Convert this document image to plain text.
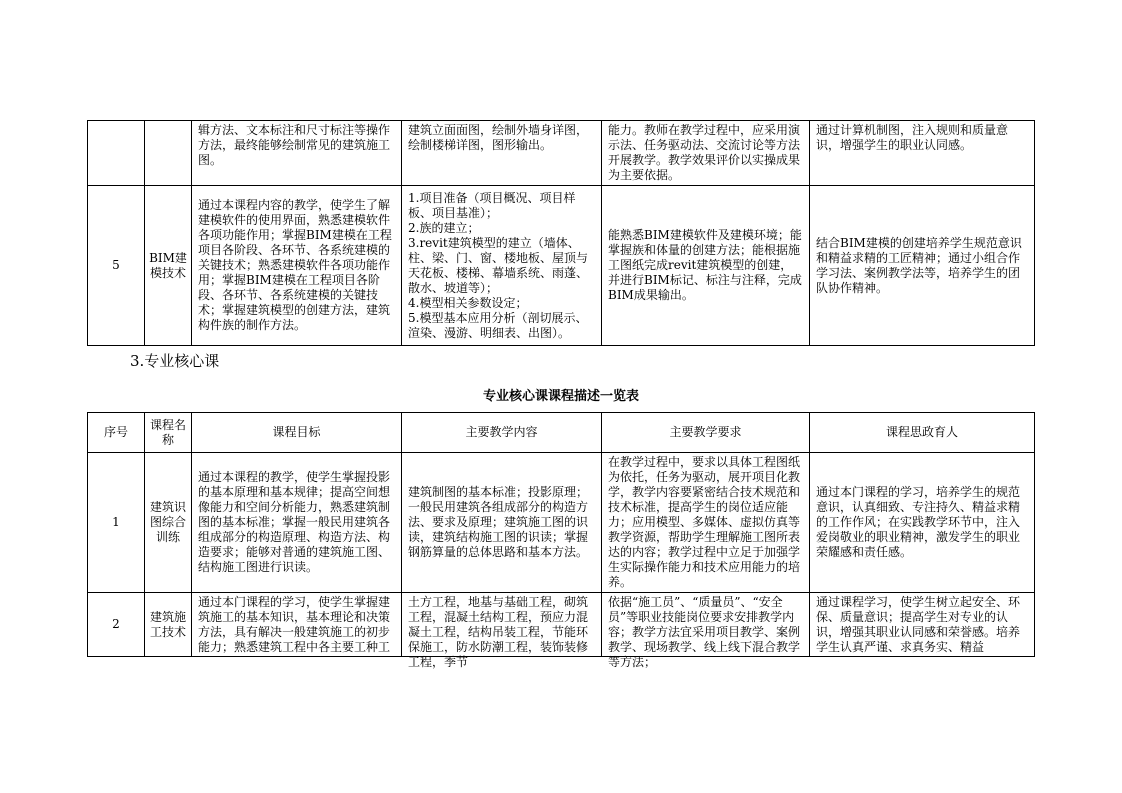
		辑方法、文本标注和尺寸标注等操作方法，最终能够绘制常见的建筑施工图。	建筑立面面图，绘制外墙身详图，绘制楼梯详图，图形输出。	能力。教师在教学过程中，应采用演示法、任务驱动法、交流讨论等方法开展教学。教学效果评价以实操成果为主要依据。	通过计算机制图，注入规则和质量意识，增强学生的职业认同感。
5	BIM建模技术	通过本课程内容的教学，使学生了解建模软件的使用界面，熟悉建模软件各项功能作用；掌握BIM建模在工程项目各阶段、各环节、各系统建模的关键技术；熟悉建模软件各项功能作用；掌握BIM建模在工程项目各阶段、各环节、各系统建模的关键技术；掌握建筑模型的创建方法，建筑构件族的制作方法。	1.项目准备（项目概况、项目样板、项目基准）；
2.族的建立；
3.revit建筑模型的建立（墙体、柱、梁、门、窗、楼地板、屋顶与天花板、楼梯、幕墙系统、雨蓬、散水、坡道等）；
4.模型相关参数设定；
5.模型基本应用分析（剖切展示、渲染、漫游、明细表、出图）。	能熟悉BIM建模软件及建模环境；能掌握族和体量的创建方法；能根据施工图纸完成revit建筑模型的创建，并进行BIM标记、标注与注释，完成BIM成果输出。	结合BIM建模的创建培养学生规范意识和精益求精的工匠精神；通过小组合作学习法、案例教学法等，培养学生的团队协作精神。
3.专业核心课
专业核心课课程描述一览表
序号	课程名称	课程目标	主要教学内容	主要教学要求	课程思政育人
1	建筑识图综合训练	通过本课程的教学，使学生掌握投影的基本原理和基本规律；提高空间想像能力和空间分析能力，熟悉建筑制图的基本标准；掌握一般民用建筑各组成部分的构造原理、构造方法、构造要求；能够对普通的建筑施工图、结构施工图进行识读。	建筑制图的基本标准；投影原理；一般民用建筑各组成部分的构造方法、要求及原理；建筑施工图的识读，建筑结构施工图的识读；掌握钢筋算量的总体思路和基本方法。	在教学过程中，要求以具体工程图纸为依托，任务为驱动，展开项目化教学，教学内容要紧密结合技术规范和技术标准，提高学生的岗位适应能力；应用模型、多媒体、虚拟仿真等教学资源，帮助学生理解施工图所表达的内容；教学过程中立足于加强学生实际操作能力和技术应用能力的培养。	通过本门课程的学习，培养学生的规范意识，认真细致、专注持久、精益求精的工作作风；在实践教学环节中，注入爱岗敬业的职业精神，激发学生的职业荣耀感和责任感。
2	建筑施工技术	通过本门课程的学习，使学生掌握建筑施工的基本知识，基本理论和决策方法，具有解决一般建筑施工的初步能力；熟悉建筑工程中各主要工种工	土方工程，地基与基础工程，砌筑工程，混凝土结构工程，预应力混凝土工程，结构吊装工程，节能环保施工，防水防潮工程，装饰装修工程，季节	依据“施工员”、“质量员”、“安全员”等职业技能岗位要求安排教学内容；教学方法宜采用项目教学、案例教学、现场教学、线上线下混合教学等方法；	通过课程学习，使学生树立起安全、环保、质量意识；提高学生对专业的认识，增强其职业认同感和荣誉感。培养学生认真严谨、求真务实、精益
